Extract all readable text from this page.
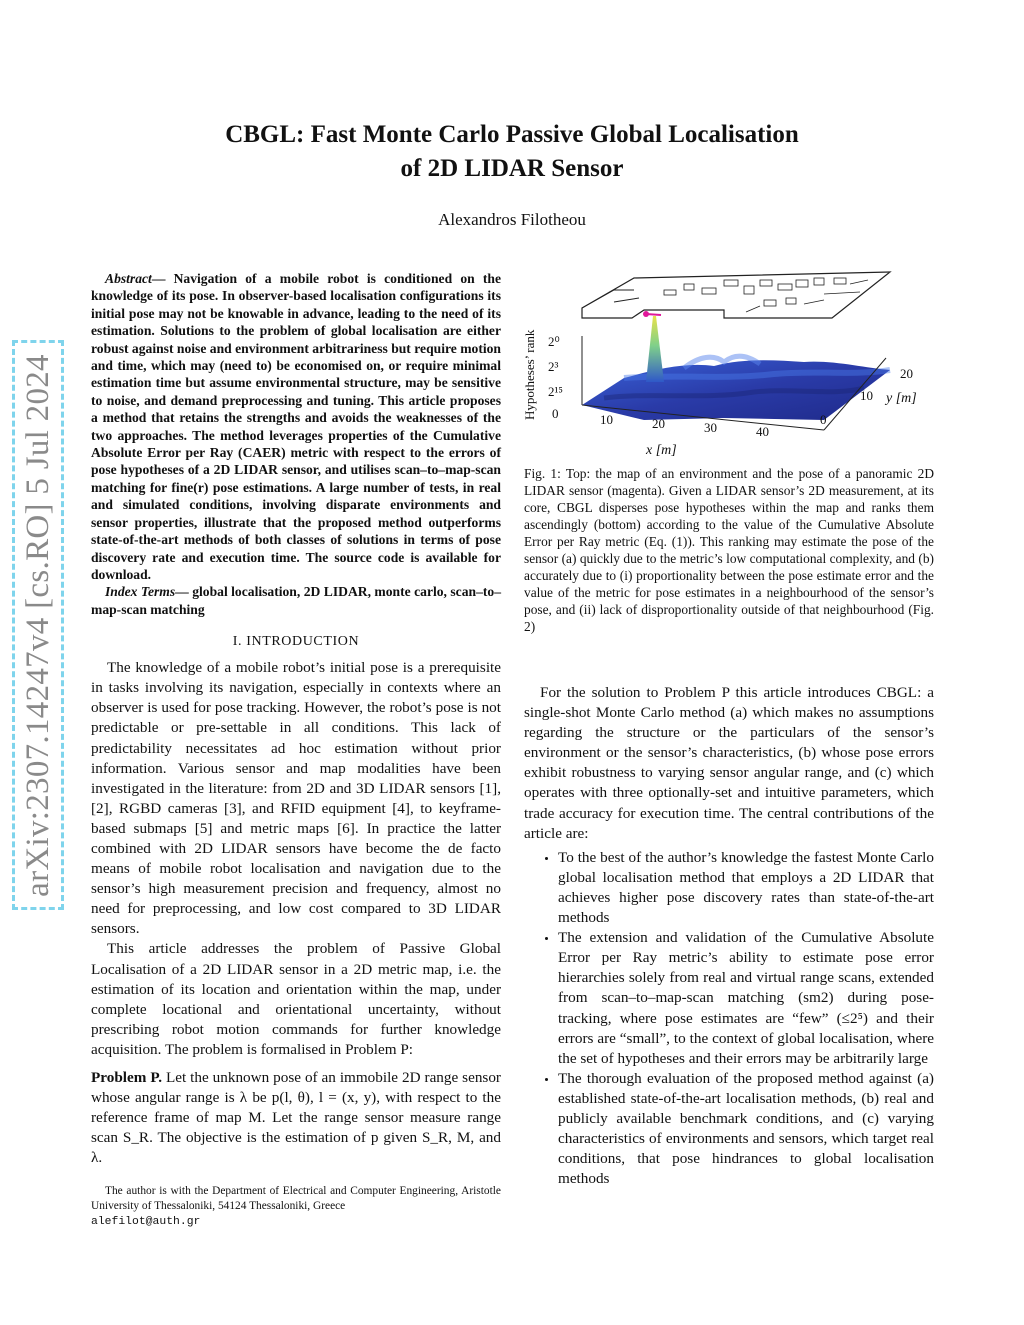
arXiv:2307.14247v4 [cs.RO] 5 Jul 2024
CBGL: Fast Monte Carlo Passive Global Localisation
of 2D LIDAR Sensor
Alexandros Filotheou

Abstract— Navigation of a mobile robot is conditioned on the knowledge of its pose. In observer-based localisation configurations its initial pose may not be knowable in advance, leading to the need of its estimation. Solutions to the problem of global localisation are either robust against noise and environment arbitrariness but require motion and time, which may (need to) be economised on, or require minimal estimation time but assume environmental structure, may be sensitive to noise, and demand preprocessing and tuning. This article proposes a method that retains the strengths and avoids the weaknesses of the two approaches. The method leverages properties of the Cumulative Absolute Error per Ray (CAER) metric with respect to the errors of pose hypotheses of a 2D LIDAR sensor, and utilises scan–to–map-scan matching for fine(r) pose estimations. A large number of tests, in real and simulated conditions, involving disparate environments and sensor properties, illustrate that the proposed method outperforms state-of-the-art methods of both classes of solutions in terms of pose discovery rate and execution time. The source code is available for download.

Index Terms— global localisation, 2D LIDAR, monte carlo, scan–to–map-scan matching

I. INTRODUCTION

The knowledge of a mobile robot’s initial pose is a prerequisite in tasks involving its navigation, especially in contexts where an observer is used for pose tracking. However, the robot’s pose is not predictable or pre-settable in all conditions. This lack of predictability necessitates ad hoc estimation without prior information. Various sensor and map modalities have been investigated in the literature: from 2D and 3D LIDAR sensors [1], [2], RGBD cameras [3], and RFID equipment [4], to keyframe-based submaps [5] and metric maps [6]. In practice the latter combined with 2D LIDAR sensors have become the de facto means of mobile robot localisation and navigation due to the sensor’s high measurement precision and frequency, almost no need for preprocessing, and low cost compared to 3D LIDAR sensors.

This article addresses the problem of Passive Global Localisation of a 2D LIDAR sensor in a 2D metric map, i.e. the estimation of its location and orientation within the map, under complete locational and orientational uncertainty, without prescribing robot motion commands for further knowledge acquisition. The problem is formalised in Problem P:

Problem P. Let the unknown pose of an immobile 2D range sensor whose angular range is λ be p(l, θ), l = (x, y), with respect to the reference frame of map M. Let the range sensor measure range scan S_R. The objective is the estimation of p given S_R, M, and λ.

The author is with the Department of Electrical and Computer Engineering, Aristotle University of Thessaloniki, 54124 Thessaloniki, Greece
alefilot@auth.gr
Hypotheses’ rank 2⁰
2³
2¹⁵
0	10	20	30	40
x [m]
0
10
20
y [m]
Fig. 1: Top: the map of an environment and the pose of a panoramic 2D LIDAR sensor (magenta). Given a LIDAR sensor’s 2D measurement, at its core, CBGL disperses pose hypotheses within the map and ranks them ascendingly (bottom) according to the value of the Cumulative Absolute Error per Ray metric (Eq. (1)). This ranking may estimate the pose of the sensor (a) quickly due to the metric’s low computational complexity, and (b) accurately due to (i) proportionality between the pose estimate error and the value of the metric for pose estimates in a neighbourhood of the sensor’s pose, and (ii) lack of disproportionality outside of that neighbourhood (Fig. 2)

For the solution to Problem P this article introduces CBGL: a single-shot Monte Carlo method (a) which makes no assumptions regarding the structure or the particulars of the sensor’s environment or the sensor’s characteristics, (b) whose pose errors exhibit robustness to varying sensor angular range, and (c) which operates with three optionally-set and intuitive parameters, which trade accuracy for execution time. The central contributions of the article are:

• To the best of the author’s knowledge the fastest Monte Carlo global localisation method that employs a 2D LIDAR that achieves higher pose discovery rates than state-of-the-art methods
• The extension and validation of the Cumulative Absolute Error per Ray metric’s ability to estimate pose error hierarchies solely from real and virtual range scans, extended from scan–to–map-scan matching (sm2) during pose-tracking, where pose estimates are “few” (≤2⁵) and their errors are “small”, to the context of global localisation, where the set of hypotheses and their errors may be arbitrarily large
• The thorough evaluation of the proposed method against (a) established state-of-the-art localisation methods, (b) real and publicly available benchmark conditions, and (c) varying characteristics of environments and sensors, which target real conditions, that pose hindrances to global localisation methods
